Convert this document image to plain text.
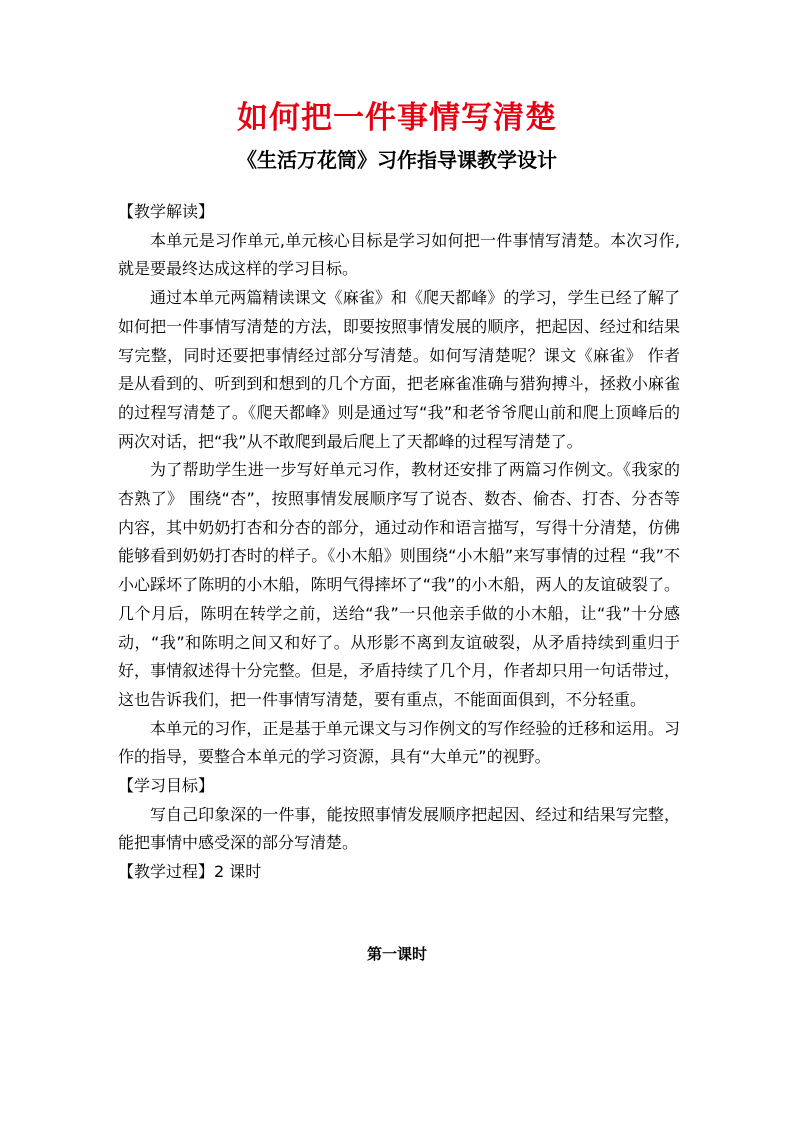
如何把一件事情写清楚
《生活万花筒》习作指导课教学设计

【教学解读】

本单元是习作单元,单元核心目标是学习如何把一件事情写清楚。本次习作,就是要最终达成这样的学习目标。

通过本单元两篇精读课文《麻雀》和《爬天都峰》的学习，学生已经了解了如何把一件事情写清楚的方法，即要按照事情发展的顺序，把起因、经过和结果写完整，同时还要把事情经过部分写清楚。如何写清楚呢？课文《麻雀》 作者是从看到的、听到到和想到的几个方面，把老麻雀准确与猎狗搏斗，拯救小麻雀的过程写清楚了。《爬天都峰》则是通过写“我”和老爷爷爬山前和爬上顶峰后的两次对话，把“我”从不敢爬到最后爬上了天都峰的过程写清楚了。

为了帮助学生进一步写好单元习作，教材还安排了两篇习作例文。《我家的杏熟了》 围绕“杏”，按照事情发展顺序写了说杏、数杏、偷杏、打杏、分杏等内容，其中奶奶打杏和分杏的部分，通过动作和语言描写，写得十分清楚，仿佛能够看到奶奶打杏时的样子。《小木船》则围绕“小木船”来写事情的过程 “我”不小心踩坏了陈明的小木船，陈明气得摔坏了“我”的小木船，两人的友谊破裂了。几个月后，陈明在转学之前，送给“我”一只他亲手做的小木船，让“我”十分感动，“我”和陈明之间又和好了。从形影不离到友谊破裂，从矛盾持续到重归于好，事情叙述得十分完整。但是，矛盾持续了几个月，作者却只用一句话带过，这也告诉我们，把一件事情写清楚，要有重点，不能面面俱到，不分轻重。

本单元的习作，正是基于单元课文与习作例文的写作经验的迁移和运用。习作的指导，要整合本单元的学习资源，具有“大单元”的视野。

【学习目标】

写自己印象深的一件事，能按照事情发展顺序把起因、经过和结果写完整，能把事情中感受深的部分写清楚。

【教学过程】2 课时

第一课时
